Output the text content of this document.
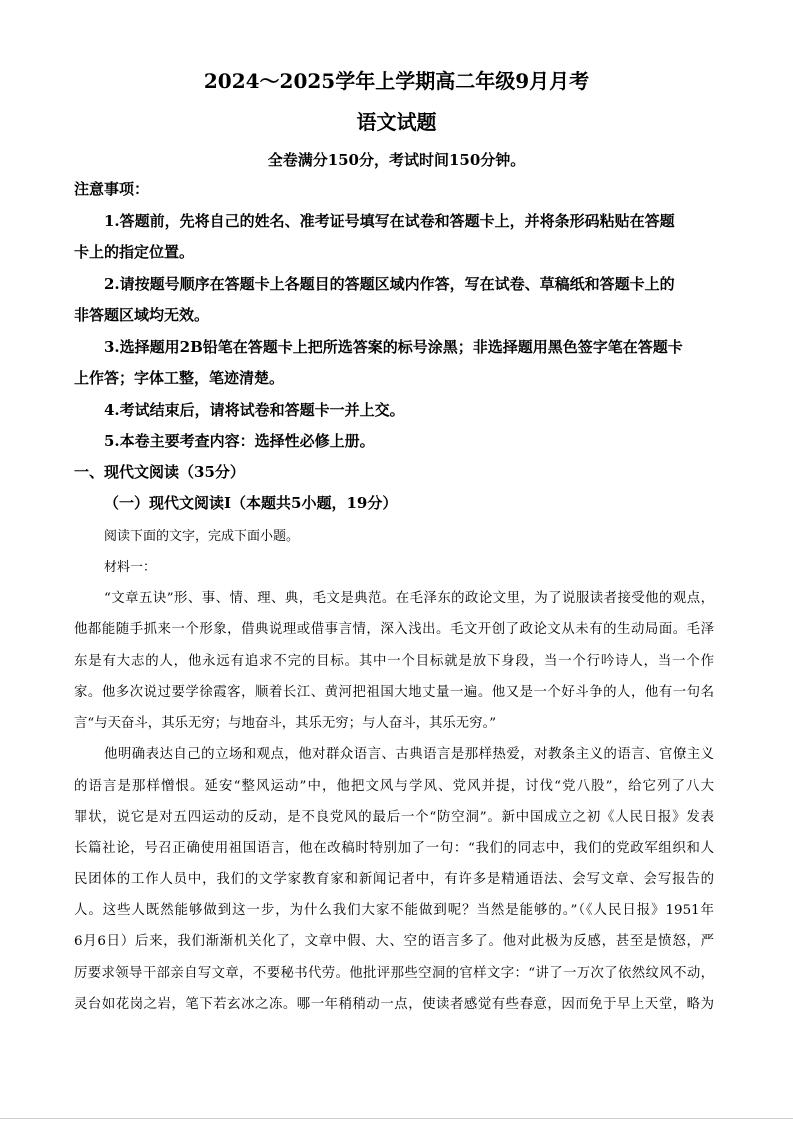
2024～2025学年上学期高二年级9月月考
语文试题
全卷满分150分，考试时间150分钟。
注意事项：
1.答题前，先将自己的姓名、准考证号填写在试卷和答题卡上，并将条形码粘贴在答题
卡上的指定位置。
2.请按题号顺序在答题卡上各题目的答题区域内作答，写在试卷、草稿纸和答题卡上的
非答题区域均无效。
3.选择题用2B铅笔在答题卡上把所选答案的标号涂黑；非选择题用黑色签字笔在答题卡
上作答；字体工整，笔迹清楚。
4.考试结束后，请将试卷和答题卡一并上交。
5.本卷主要考查内容：选择性必修上册。
一、现代文阅读（35分）
（一）现代文阅读Ⅰ（本题共5小题，19分）
阅读下面的文字，完成下面小题。
材料一：
“文章五诀”形、事、情、理、典，毛文是典范。在毛泽东的政论文里，为了说服读者接受他的观点，
他都能随手抓来一个形象，借典说理或借事言情，深入浅出。毛文开创了政论文从未有的生动局面。毛泽
东是有大志的人，他永远有追求不完的目标。其中一个目标就是放下身段，当一个行吟诗人，当一个作
家。他多次说过要学徐霞客，顺着长江、黄河把祖国大地丈量一遍。他又是一个好斗争的人，他有一句名
言“与天奋斗，其乐无穷；与地奋斗，其乐无穷；与人奋斗，其乐无穷。”
他明确表达自己的立场和观点，他对群众语言、古典语言是那样热爱，对教条主义的语言、官僚主义
的语言是那样憎恨。延安“整风运动”中，他把文风与学风、党风并提，讨伐“党八股”，给它列了八大
罪状，说它是对五四运动的反动，是不良党风的最后一个“防空洞”。新中国成立之初《人民日报》发表
长篇社论，号召正确使用祖国语言，他在改稿时特别加了一句：“我们的同志中，我们的党政军组织和人
民团体的工作人员中，我们的文学家教育家和新闻记者中，有许多是精通语法、会写文章、会写报告的
人。这些人既然能够做到这一步，为什么我们大家不能做到呢？当然是能够的。”（《人民日报》1951年
6月6日）后来，我们渐渐机关化了，文章中假、大、空的语言多了。他对此极为反感，甚至是愤怒，严
厉要求领导干部亲自写文章，不要秘书代劳。他批评那些空洞的官样文字：“讲了一万次了依然纹风不动，
灵台如花岗之岩，笔下若玄冰之冻。哪一年稍稍动一点，使读者感觉有些春意，因而免于早上天堂，略为
